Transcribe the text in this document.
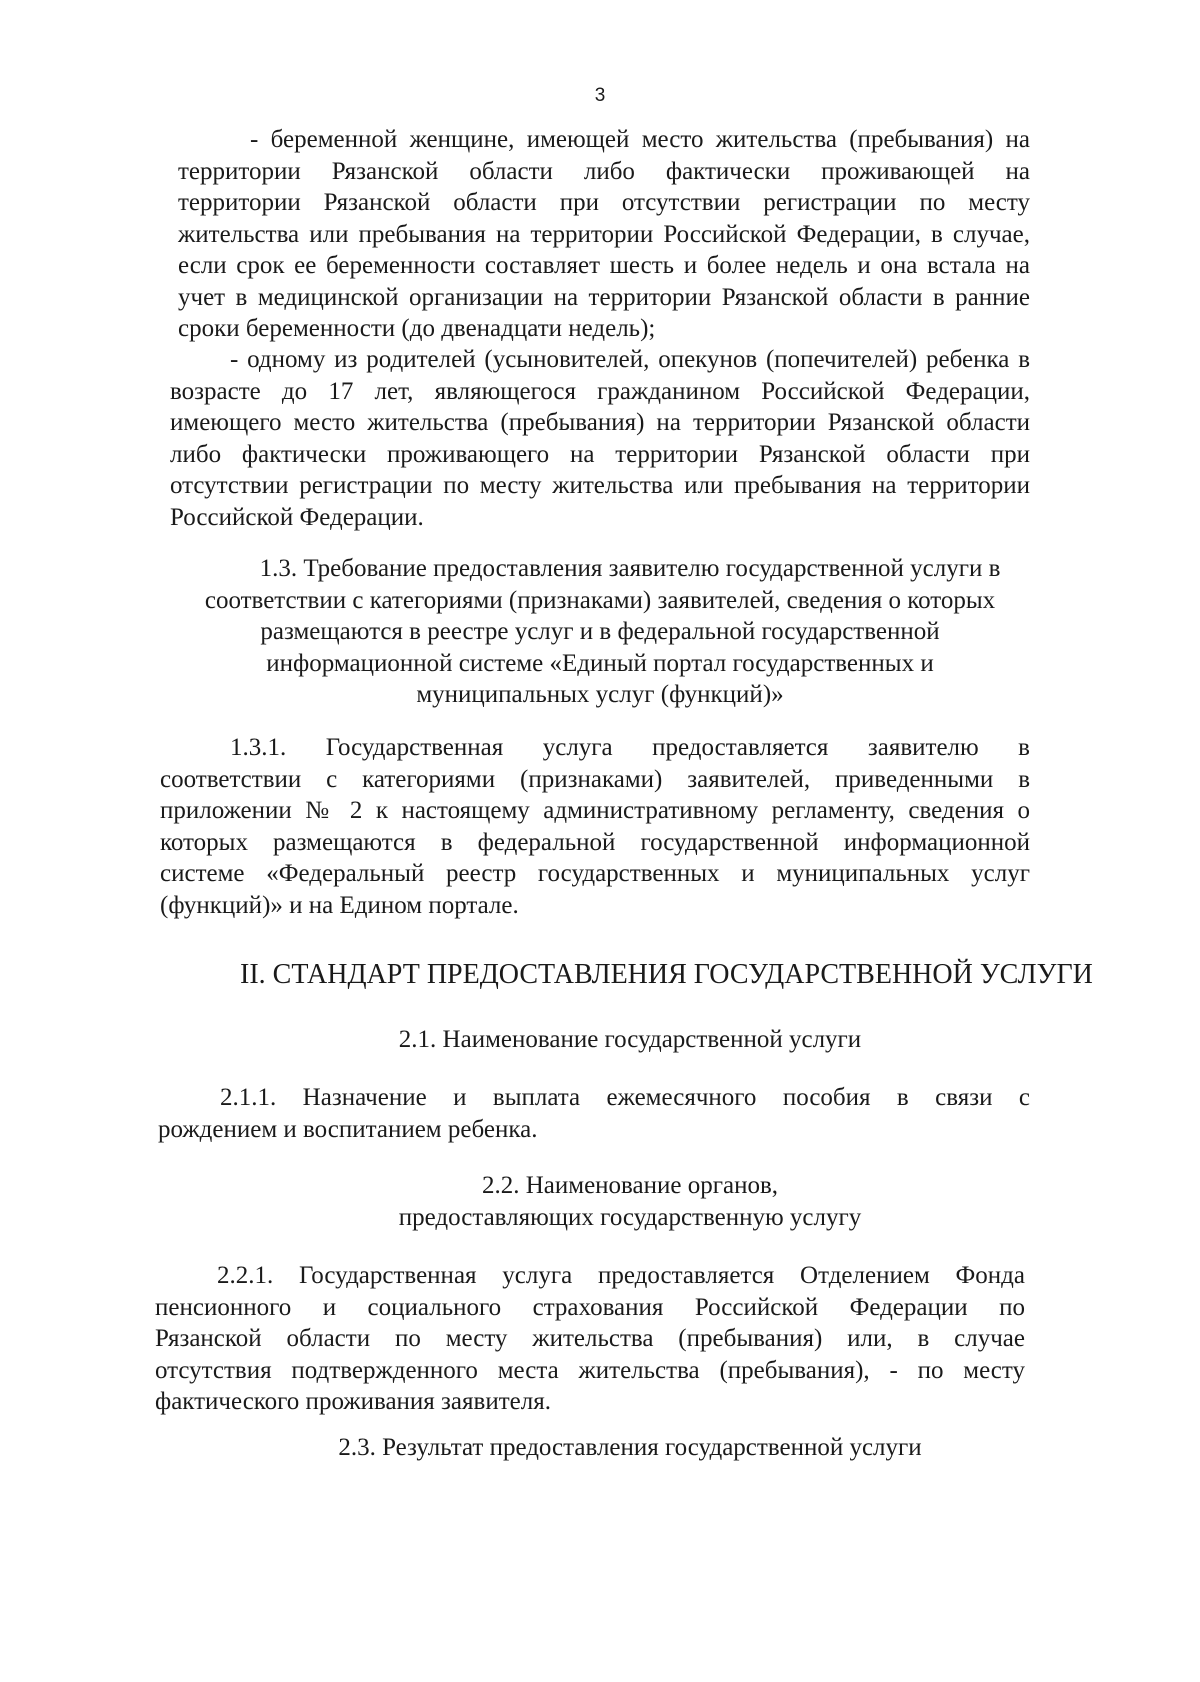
3
- беременной женщине, имеющей место жительства (пребывания) на
территории Рязанской области либо фактически проживающей на
территории Рязанской области при отсутствии регистрации по месту
жительства или пребывания на территории Российской Федерации, в случае,
если срок ее беременности составляет шесть и более недель и она встала на
учет в медицинской организации на территории Рязанской области в ранние
сроки беременности (до двенадцати недель);
- одному из родителей (усыновителей, опекунов (попечителей) ребенка в
возрасте до 17 лет, являющегося гражданином Российской Федерации,
имеющего место жительства (пребывания) на территории Рязанской области
либо фактически проживающего на территории Рязанской области при
отсутствии регистрации по месту жительства или пребывания на территории
Российской Федерации.
1.3. Требование предоставления заявителю государственной услуги в
соответствии с категориями (признаками) заявителей, сведения о которых
размещаются в реестре услуг и в федеральной государственной
информационной системе «Единый портал государственных и
муниципальных услуг (функций)»
1.3.1. Государственная услуга предоставляется заявителю в
соответствии с категориями (признаками) заявителей, приведенными в
приложении № 2 к настоящему административному регламенту, сведения о
которых размещаются в федеральной государственной информационной
системе «Федеральный реестр государственных и муниципальных услуг
(функций)» и на Едином портале.
II. СТАНДАРТ ПРЕДОСТАВЛЕНИЯ ГОСУДАРСТВЕННОЙ УСЛУГИ
2.1. Наименование государственной услуги
2.1.1. Назначение и выплата ежемесячного пособия в связи с
рождением и воспитанием ребенка.
2.2. Наименование органов,
предоставляющих государственную услугу
2.2.1. Государственная услуга предоставляется Отделением Фонда
пенсионного и социального страхования Российской Федерации по
Рязанской области по месту жительства (пребывания) или, в случае
отсутствия подтвержденного места жительства (пребывания), - по месту
фактического проживания заявителя.
2.3. Результат предоставления государственной услуги
